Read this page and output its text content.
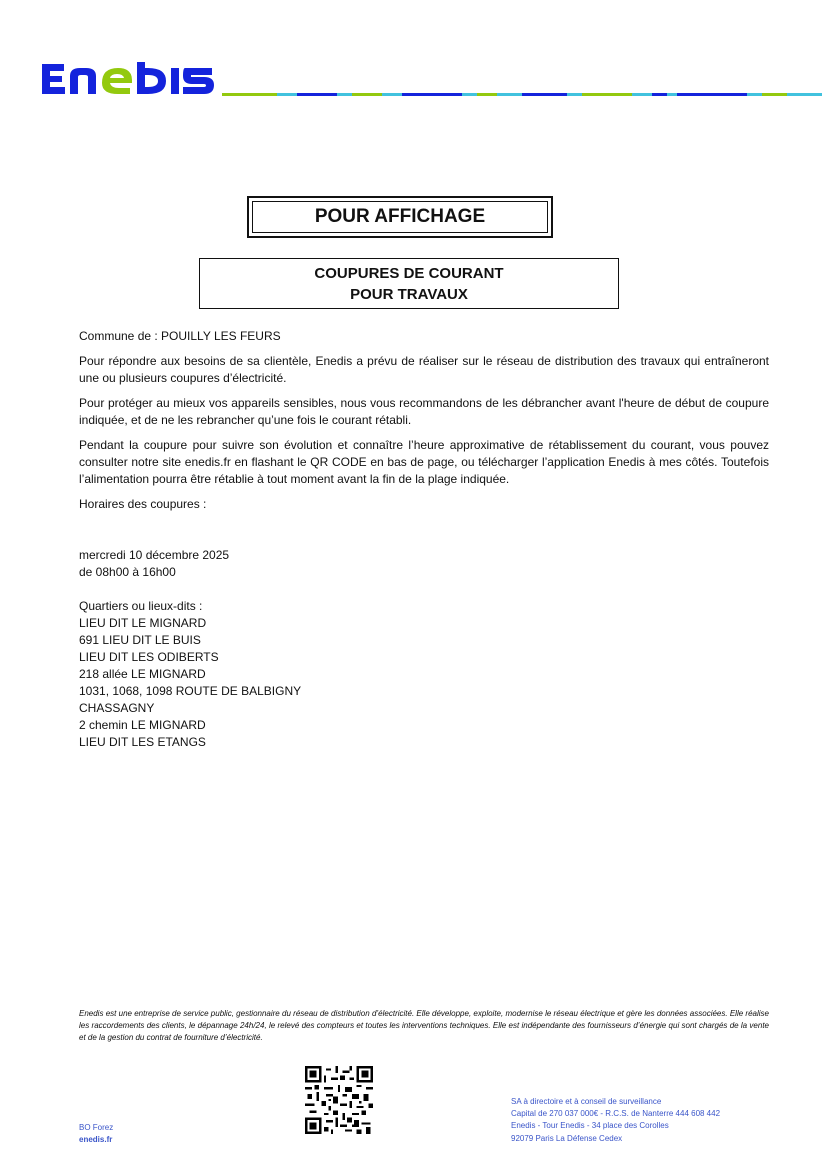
POUR AFFICHAGE
COUPURES DE COURANT
POUR TRAVAUX
Commune de : POUILLY LES FEURS
Pour répondre aux besoins de sa clientèle, Enedis a prévu de réaliser sur le réseau de distribution des travaux qui entraîneront une ou plusieurs coupures d’électricité.
Pour protéger au mieux vos appareils sensibles, nous vous recommandons de les débrancher avant l'heure de début de coupure indiquée, et de ne les rebrancher qu’une fois le courant rétabli.
Pendant la coupure pour suivre son évolution et connaître l’heure approximative de rétablissement du courant, vous pouvez consulter notre site enedis.fr en flashant le QR CODE en bas de page, ou télécharger l’application Enedis à mes côtés. Toutefois l’alimentation pourra être rétablie à tout moment avant la fin de la plage indiquée.
Horaires des coupures :
mercredi 10 décembre 2025
de 08h00 à 16h00
Quartiers ou lieux-dits :
LIEU DIT LE MIGNARD
691 LIEU DIT LE BUIS
LIEU DIT LES ODIBERTS
218 allée LE MIGNARD
1031, 1068, 1098 ROUTE DE BALBIGNY
CHASSAGNY
2 chemin LE MIGNARD
LIEU DIT LES ETANGS
Enedis est une entreprise de service public, gestionnaire du réseau de distribution d’électricité. Elle développe, exploite, modernise le réseau électrique et gère les données associées. Elle réalise les raccordements des clients, le dépannage 24h/24, le relevé des compteurs et toutes les interventions techniques. Elle est indépendante des fournisseurs d’énergie qui sont chargés de la vente et de la gestion du contrat de fourniture d’électricité.
BO Forez
enedis.fr
SA à directoire et à conseil de surveillance
Capital de 270 037 000€ - R.C.S. de Nanterre 444 608 442
Enedis - Tour Enedis - 34 place des Corolles
92079 Paris La Défense Cedex
